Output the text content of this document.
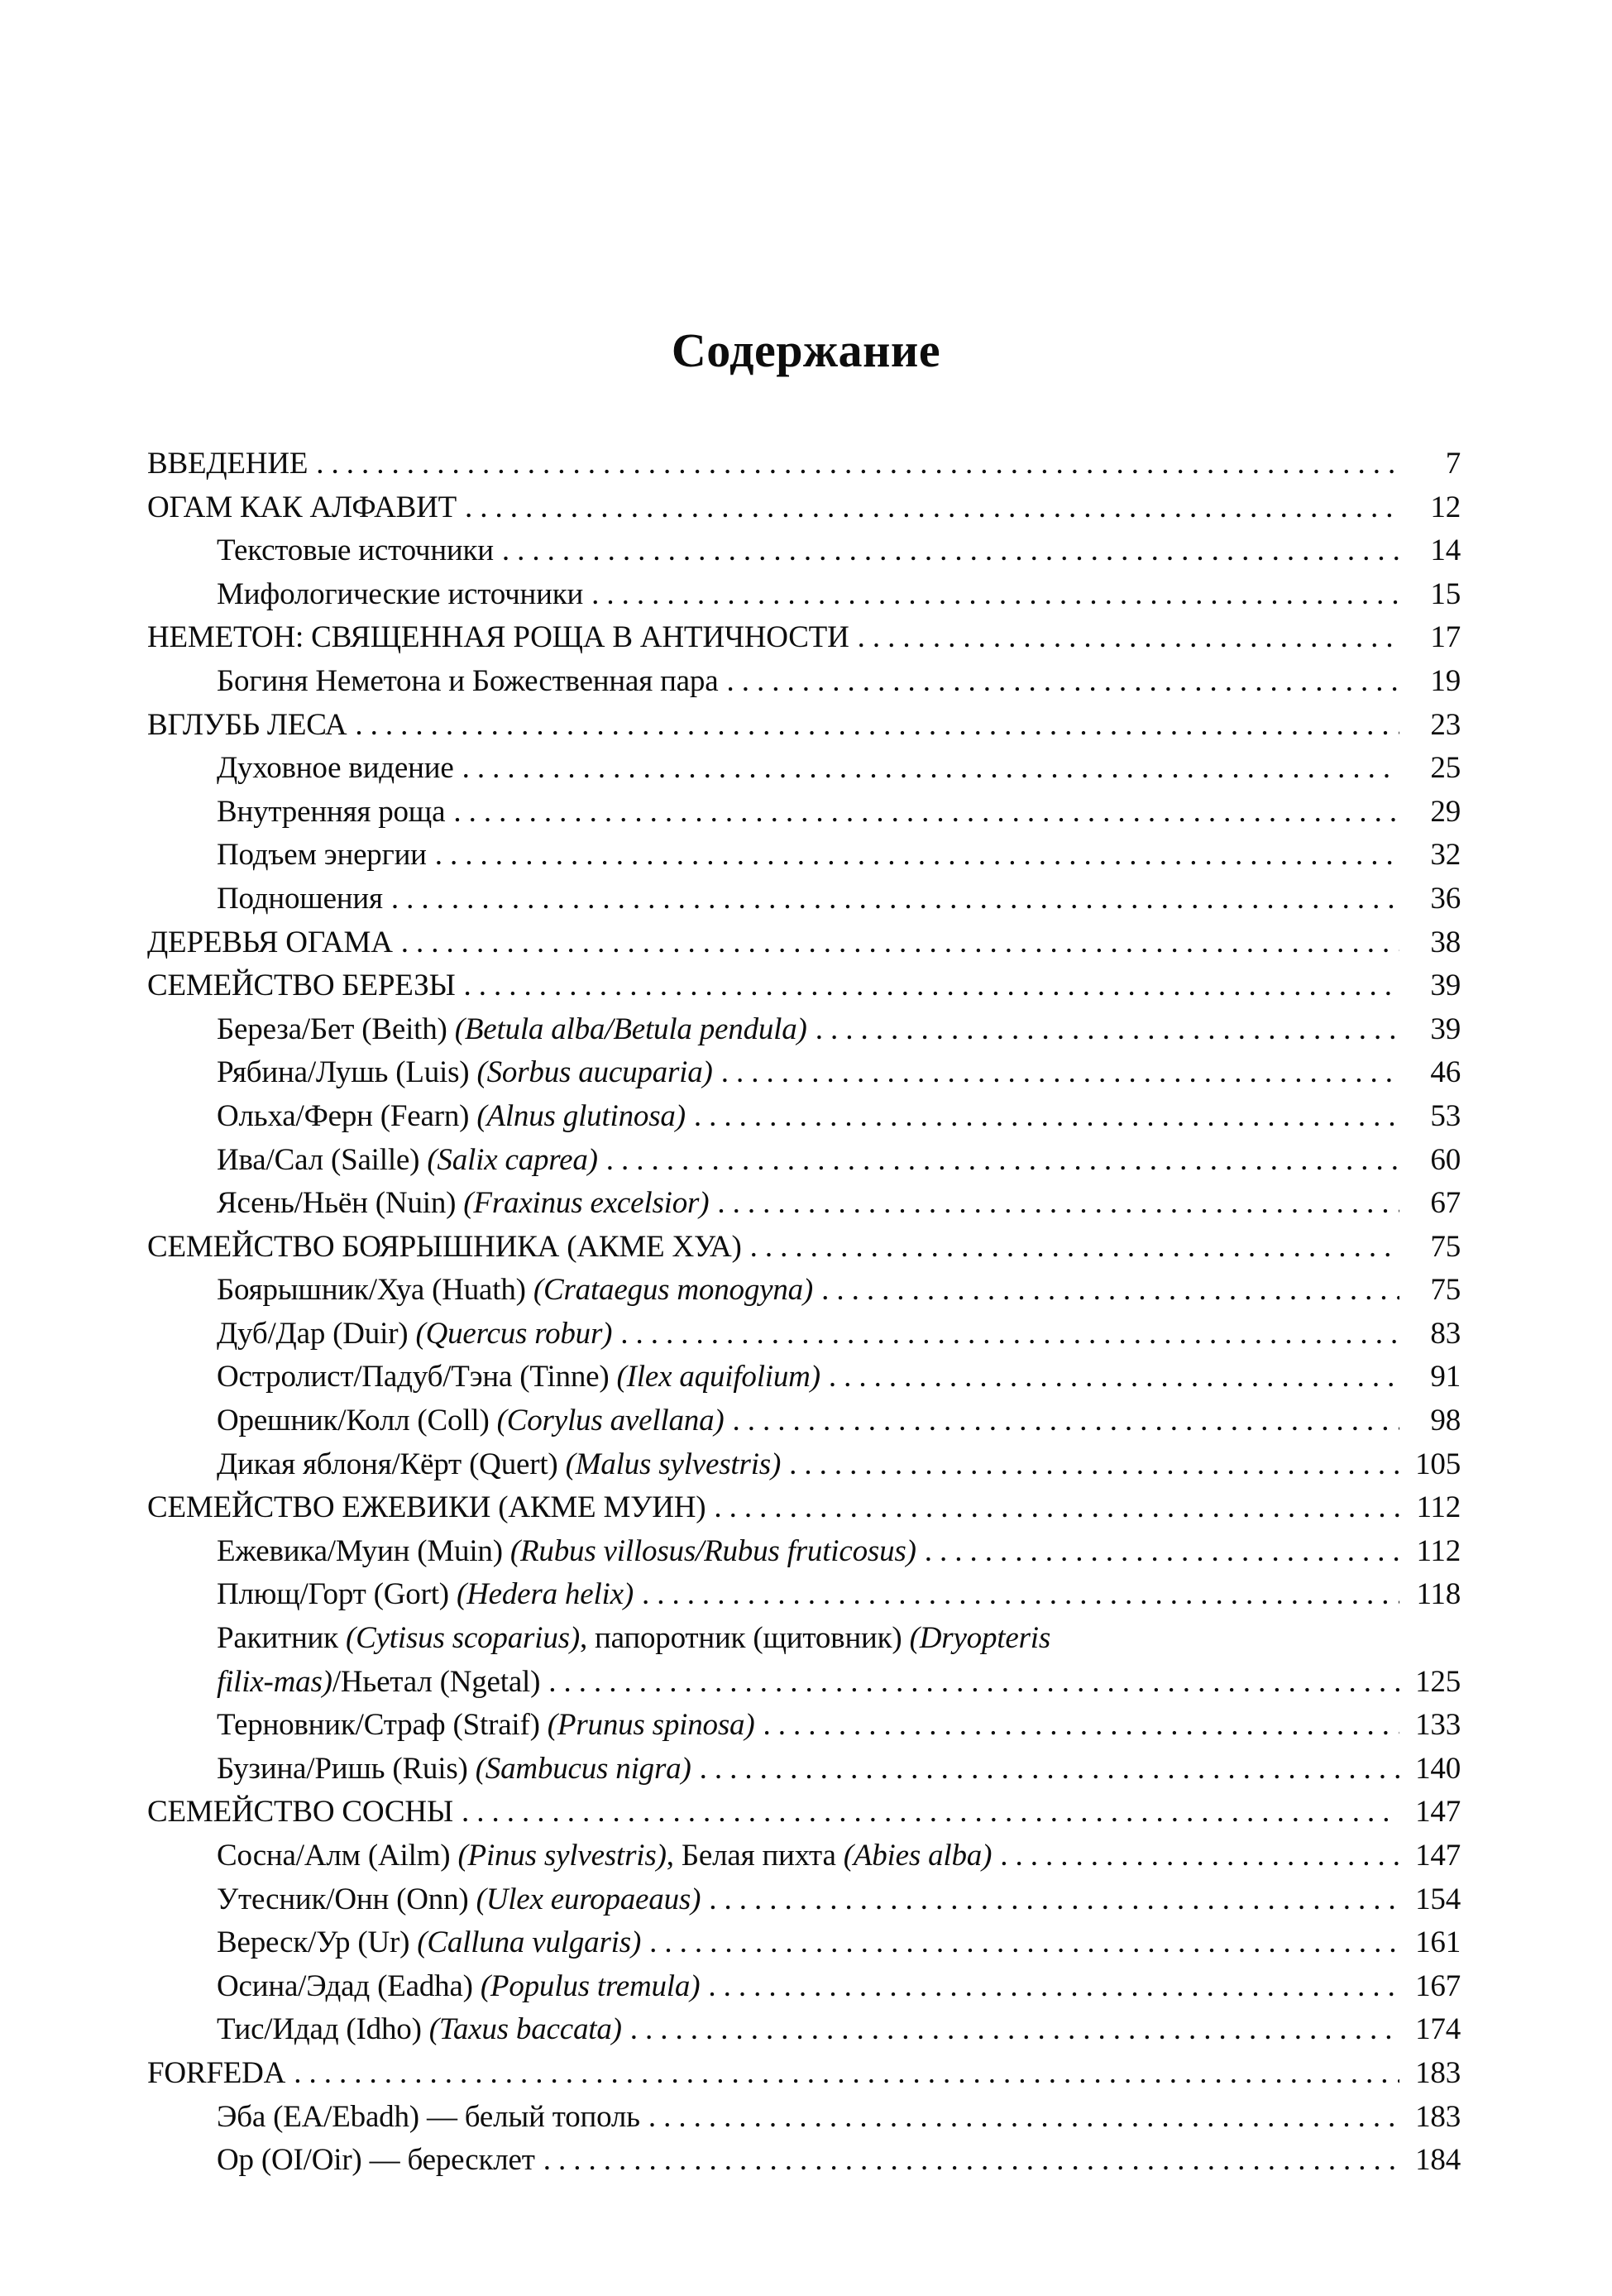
Содержание
ВВЕДЕНИЕ .....	7
ОГАМ КАК АЛФАВИТ .....	12
Текстовые источники .....	14
Мифологические источники .....	15
НЕМЕТОН: СВЯЩЕННАЯ РОЩА В АНТИЧНОСТИ .....	17
Богиня Неметона и Божественная пара .....	19
ВГЛУБЬ ЛЕСА .....	23
Духовное видение .....	25
Внутренняя роща .....	29
Подъем энергии .....	32
Подношения .....	36
ДЕРЕВЬЯ ОГАМА .....	38
СЕМЕЙСТВО БЕРЕЗЫ .....	39
Береза/Бет (Beith) (Betula alba/Betula pendula) .....	39
Рябина/Лушь (Luis) (Sorbus aucuparia) .....	46
Ольха/Ферн (Fearn) (Alnus glutinosa) .....	53
Ива/Сал (Saille) (Salix caprea) .....	60
Ясень/Ньён (Nuin) (Fraxinus excelsior) .....	67
СЕМЕЙСТВО БОЯРЫШНИКА (АКМЕ ХУА) .....	75
Боярышник/Хуа (Huath) (Crataegus monogyna) .....	75
Дуб/Дар (Duir) (Quercus robur) .....	83
Остролист/Падуб/Тэна (Tinne) (Ilex aquifolium) .....	91
Орешник/Колл (Coll) (Corylus avellana) .....	98
Дикая яблоня/Кёрт (Quert) (Malus sylvestris) .....	105
СЕМЕЙСТВО ЕЖЕВИКИ (АКМЕ МУИН) .....	112
Ежевика/Муин (Muin) (Rubus villosus/Rubus fruticosus) .....	112
Плющ/Горт (Gort) (Hedera helix) .....	118
Ракитник (Cytisus scoparius), папоротник (щитовник) (Dryopteris
filix-mas)/Ньетал (Ngetal) .....	125
Терновник/Страф (Straif) (Prunus spinosa) .....	133
Бузина/Ришь (Ruis) (Sambucus nigra) .....	140
СЕМЕЙСТВО СОСНЫ .....	147
Сосна/Алм (Ailm) (Pinus sylvestris), Белая пихта (Abies alba) .....	147
Утесник/Онн (Onn) (Ulex europaeaus) .....	154
Вереск/Ур (Ur) (Calluna vulgaris) .....	161
Осина/Эдад (Eadha) (Populus tremula) .....	167
Тис/Идад (Idho) (Taxus baccata) .....	174
FORFEDA .....	183
Эба (EA/Ebadh) — белый тополь .....	183
Ор (OI/Oir) — бересклет .....	184
